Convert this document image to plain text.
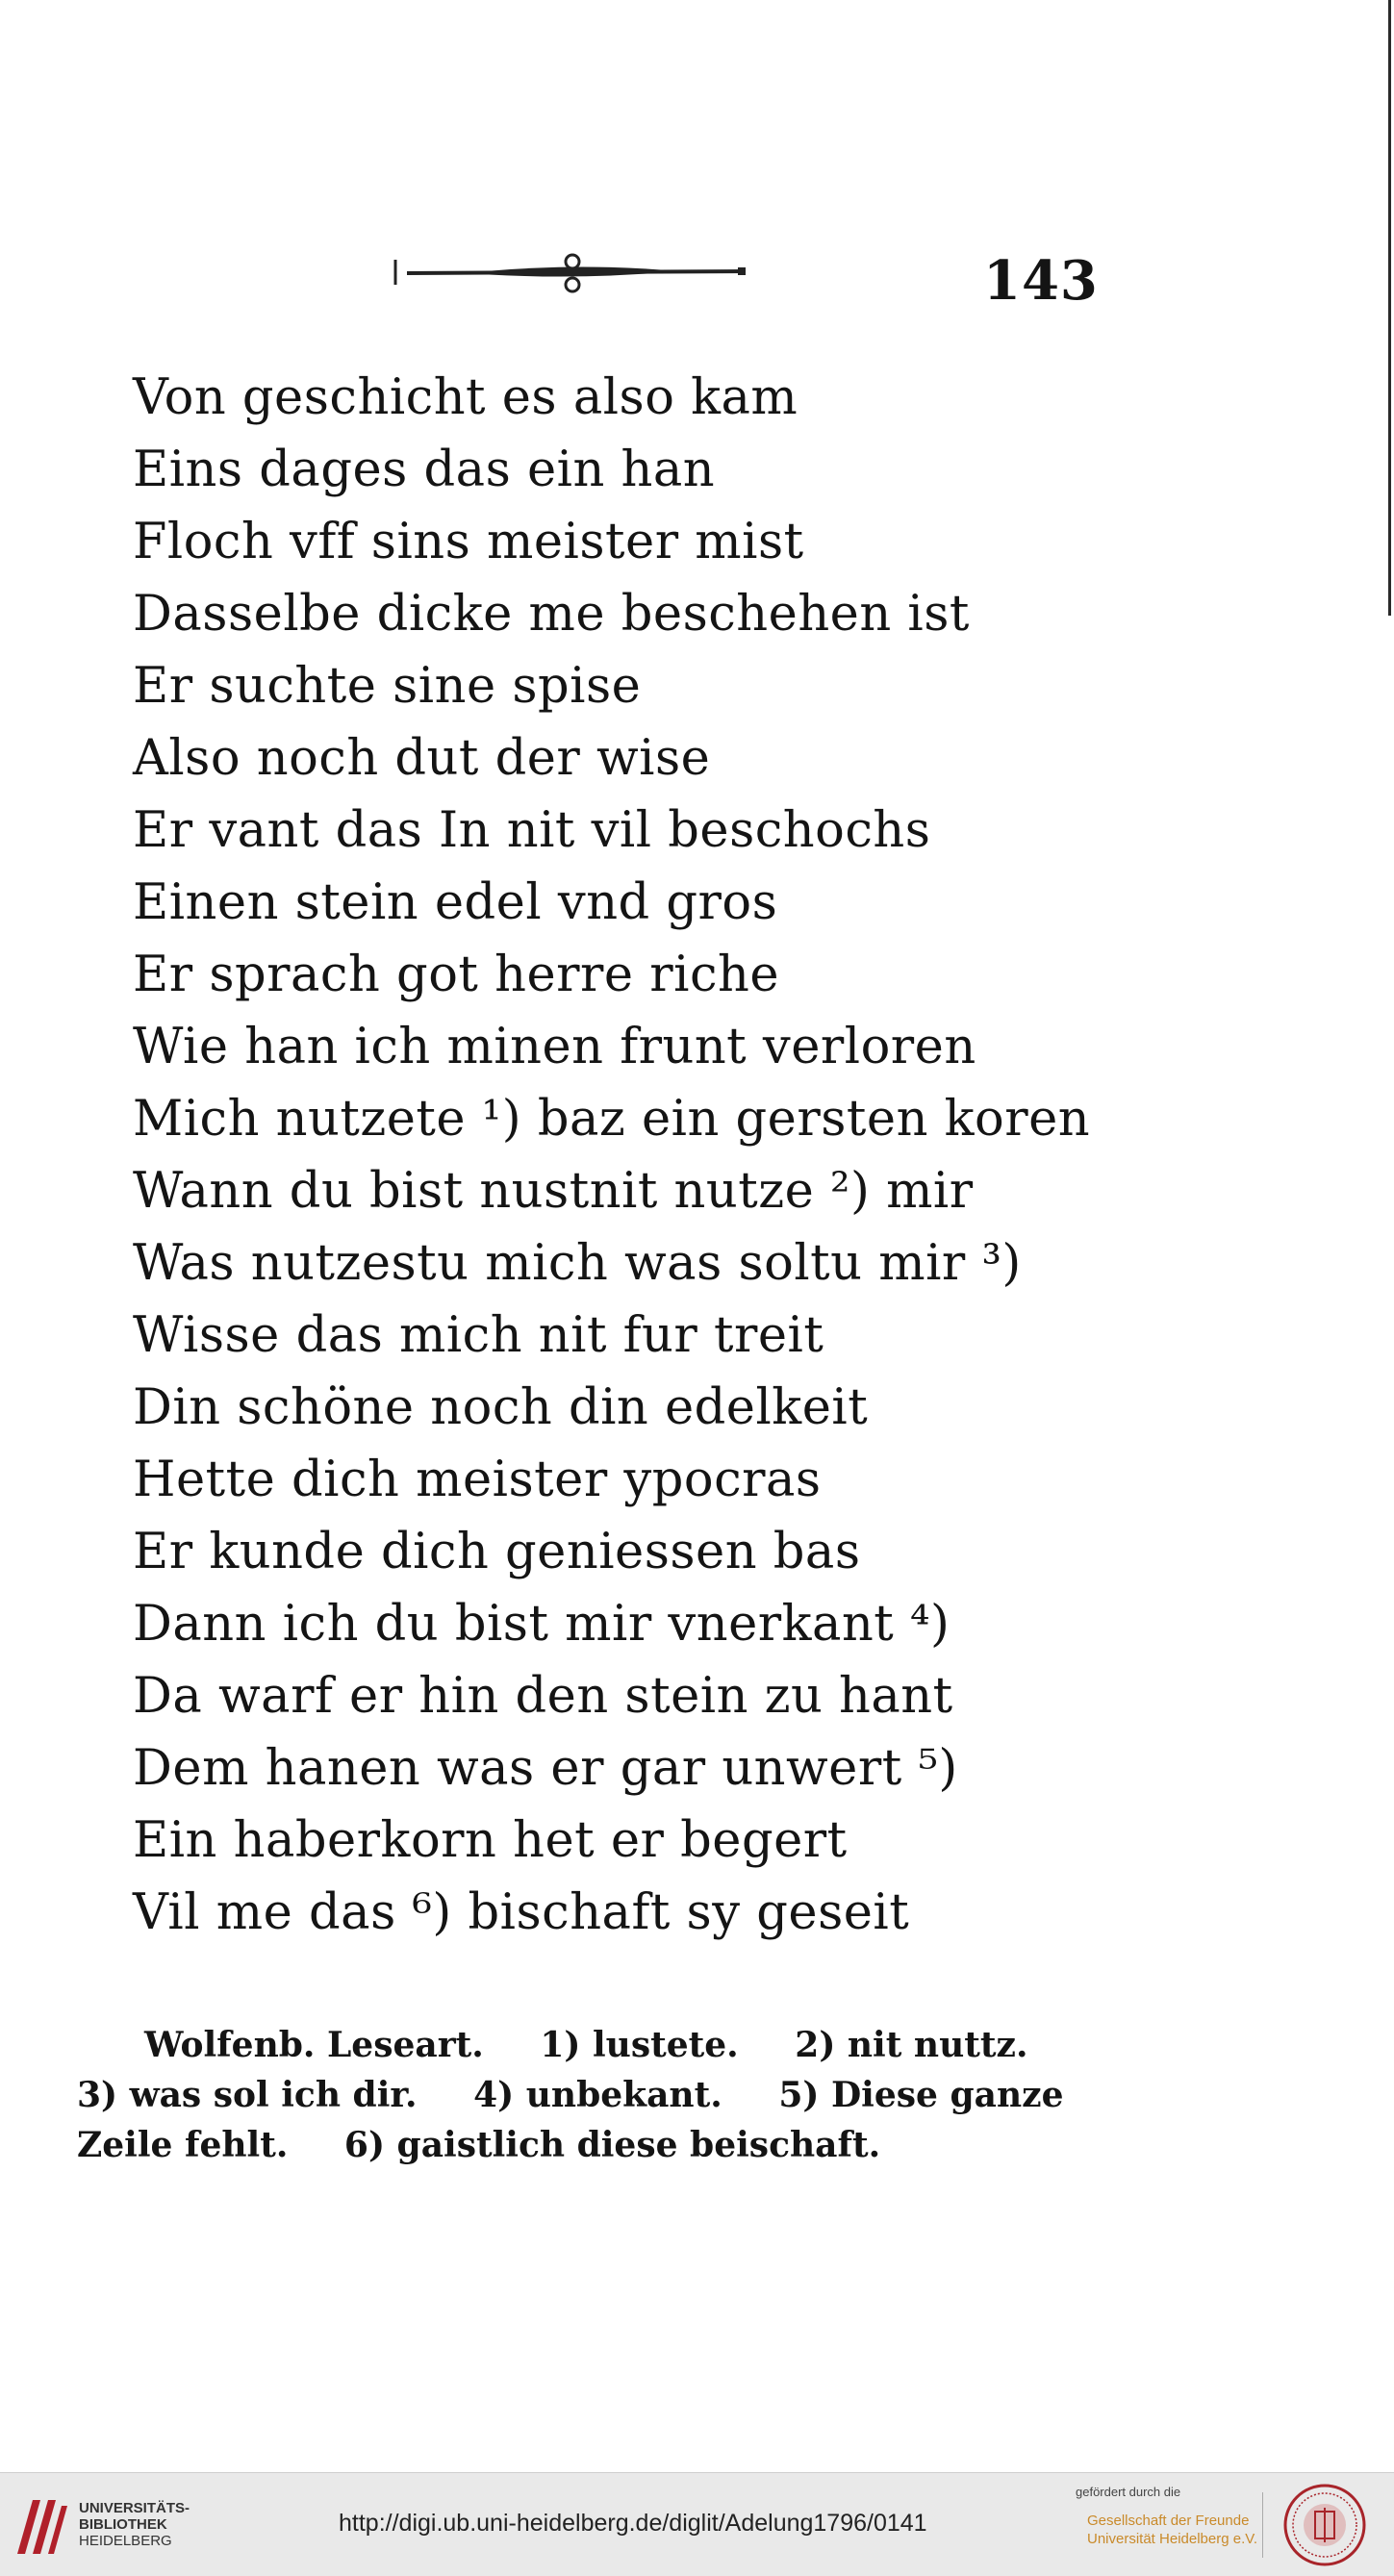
143
Von geschicht es also kam
Eins dages das ein han
Floch vff sins meister mist
Dasselbe dicke me beschehen ist
Er suchte sine spise
Also noch dut der wise
Er vant das In nit vil beschochs
Einen stein edel vnd gros
Er sprach got herre riche
Wie han ich minen frunt verloren
Mich nutzete ¹) baz ein gersten koren
Wann du bist nustnit nutze ²) mir
Was nutzestu mich was soltu mir ³)
Wisse das mich nit fur treit
Din schöne noch din edelkeit
Hette dich meister ypocras
Er kunde dich geniessen bas
Dann ich du bist mir vnerkant ⁴)
Da warf er hin den stein zu hant
Dem hanen was er gar unwert ⁵)
Ein haberkorn het er begert
Vil me das ⁶) bischaft sy geseit
Wolfenb. Leseart. 1) lustete. 2) nit nuttz.
3) was sol ich dir. 4) unbekant. 5) Diese ganze
Zeile fehlt. 6) gaistlich diese beischaft.
UNIVERSITÄTS-
BIBLIOTHEK
HEIDELBERG
http://digi.ub.uni-heidelberg.de/diglit/Adelung1796/0141
gefördert durch die
Gesellschaft der Freunde
Universität Heidelberg e.V.
